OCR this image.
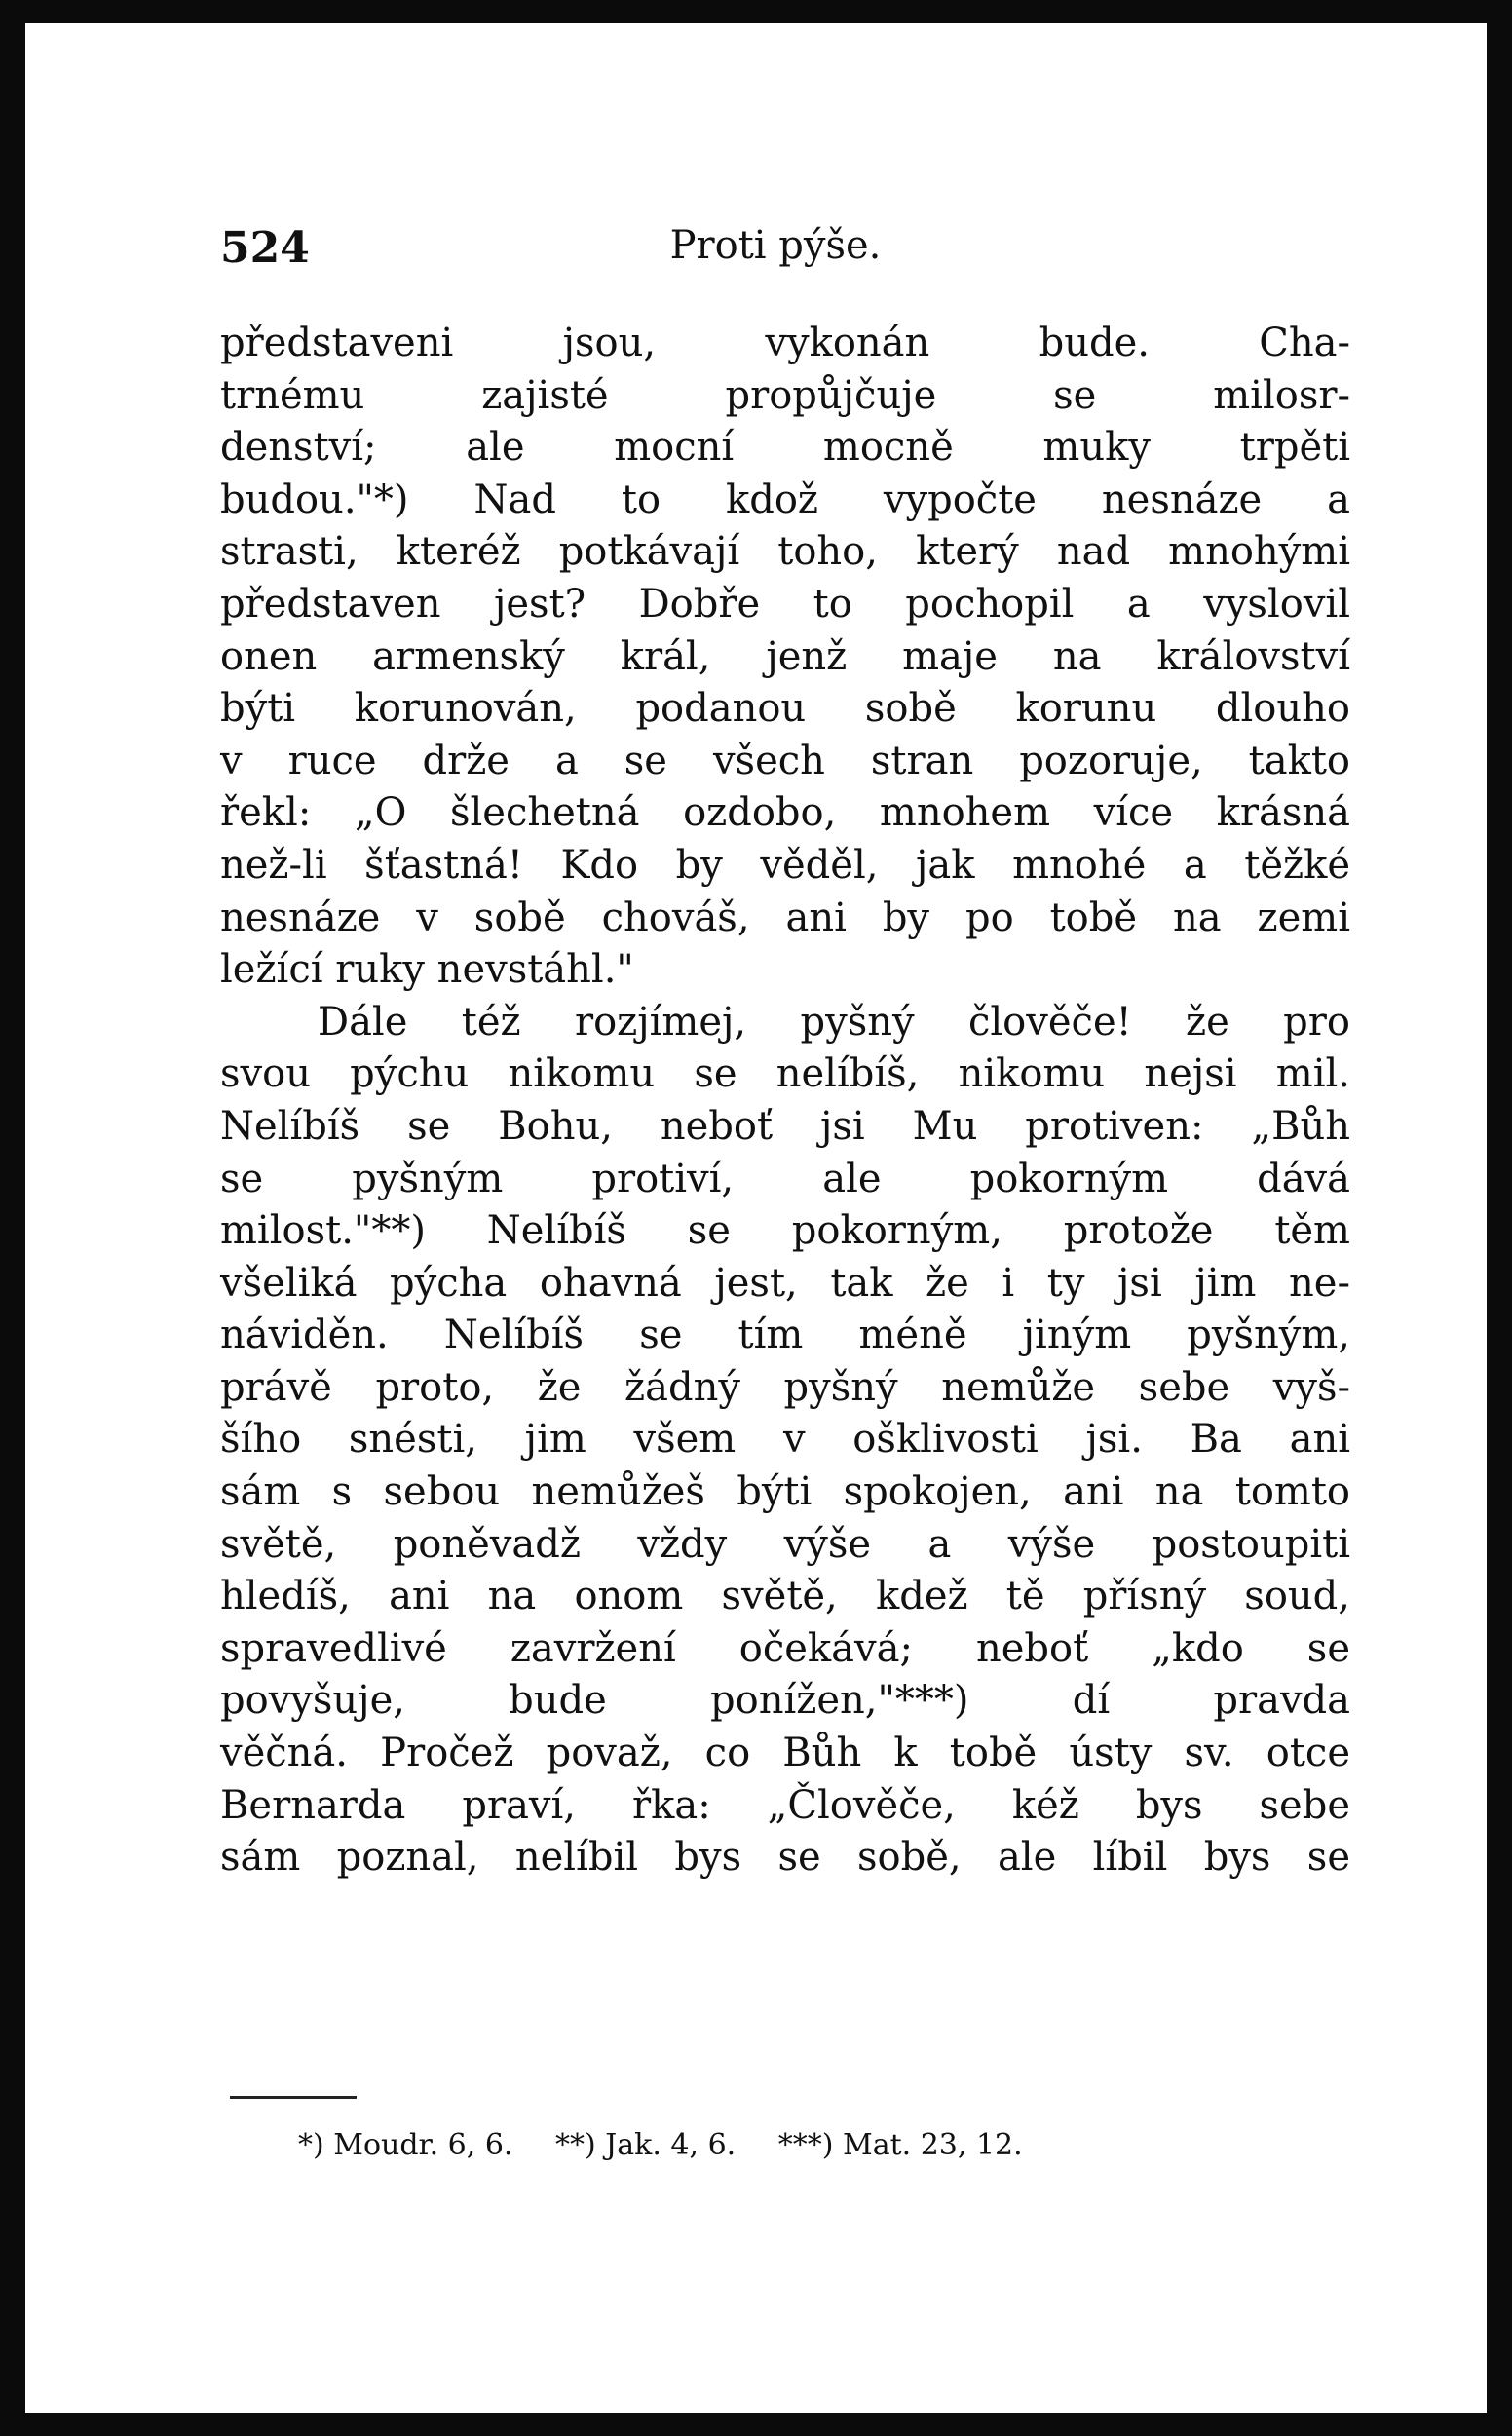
524	Proti pýše.
představeni jsou, vykonán bude. Cha-
trnému zajisté propůjčuje se milosr-
denství; ale mocní mocně muky trpěti
budou."*) Nad to kdož vypočte nesnáze a
strasti, kteréž potkávají toho, který nad mnohými
představen jest? Dobře to pochopil a vyslovil
onen armenský král, jenž maje na království
býti korunován, podanou sobě korunu dlouho
v ruce drže a se všech stran pozoruje, takto
řekl: „O šlechetná ozdobo, mnohem více krásná
než-li šťastná! Kdo by věděl, jak mnohé a těžké
nesnáze v sobě chováš, ani by po tobě na zemi
ležící ruky nevstáhl."
Dále též rozjímej, pyšný člověče! že pro
svou pýchu nikomu se nelíbíš, nikomu nejsi mil.
Nelíbíš se Bohu, neboť jsi Mu protiven: „Bůh
se pyšným protiví, ale pokorným dává
milost."**) Nelíbíš se pokorným, protože těm
všeliká pýcha ohavná jest, tak že i ty jsi jim ne-
náviděn. Nelíbíš se tím méně jiným pyšným,
právě proto, že žádný pyšný nemůže sebe vyš-
šího snésti, jim všem v ošklivosti jsi. Ba ani
sám s sebou nemůžeš býti spokojen, ani na tomto
světě, poněvadž vždy výše a výše postoupiti
hledíš, ani na onom světě, kdež tě přísný soud,
spravedlivé zavržení očekává; neboť „kdo se
povyšuje, bude ponížen,"***) dí pravda
věčná. Pročež považ, co Bůh k tobě ústy sv. otce
Bernarda praví, řka: „Člověče, kéž bys sebe
sám poznal, nelíbil bys se sobě, ale líbil bys se
*) Moudr. 6, 6. **) Jak. 4, 6. ***) Mat. 23, 12.
